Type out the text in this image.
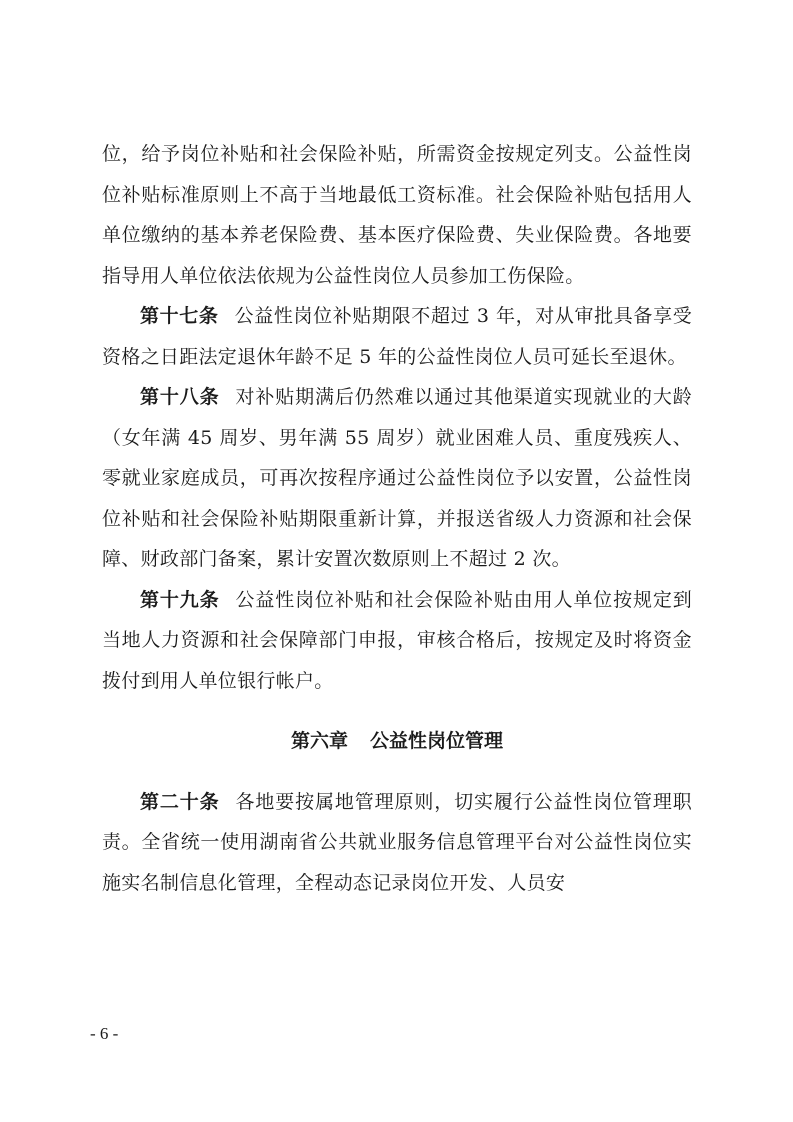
位，给予岗位补贴和社会保险补贴，所需资金按规定列支。公益性岗位补贴标准原则上不高于当地最低工资标准。社会保险补贴包括用人单位缴纳的基本养老保险费、基本医疗保险费、失业保险费。各地要指导用人单位依法依规为公益性岗位人员参加工伤保险。

第十七条 公益性岗位补贴期限不超过 3 年，对从审批具备享受资格之日距法定退休年龄不足 5 年的公益性岗位人员可延长至退休。

第十八条 对补贴期满后仍然难以通过其他渠道实现就业的大龄（女年满 45 周岁、男年满 55 周岁）就业困难人员、重度残疾人、零就业家庭成员，可再次按程序通过公益性岗位予以安置，公益性岗位补贴和社会保险补贴期限重新计算，并报送省级人力资源和社会保障、财政部门备案，累计安置次数原则上不超过 2 次。

第十九条 公益性岗位补贴和社会保险补贴由用人单位按规定到当地人力资源和社会保障部门申报，审核合格后，按规定及时将资金拨付到用人单位银行帐户。

第六章 公益性岗位管理

第二十条 各地要按属地管理原则，切实履行公益性岗位管理职责。全省统一使用湖南省公共就业服务信息管理平台对公益性岗位实施实名制信息化管理，全程动态记录岗位开发、人员安

- 6 -
